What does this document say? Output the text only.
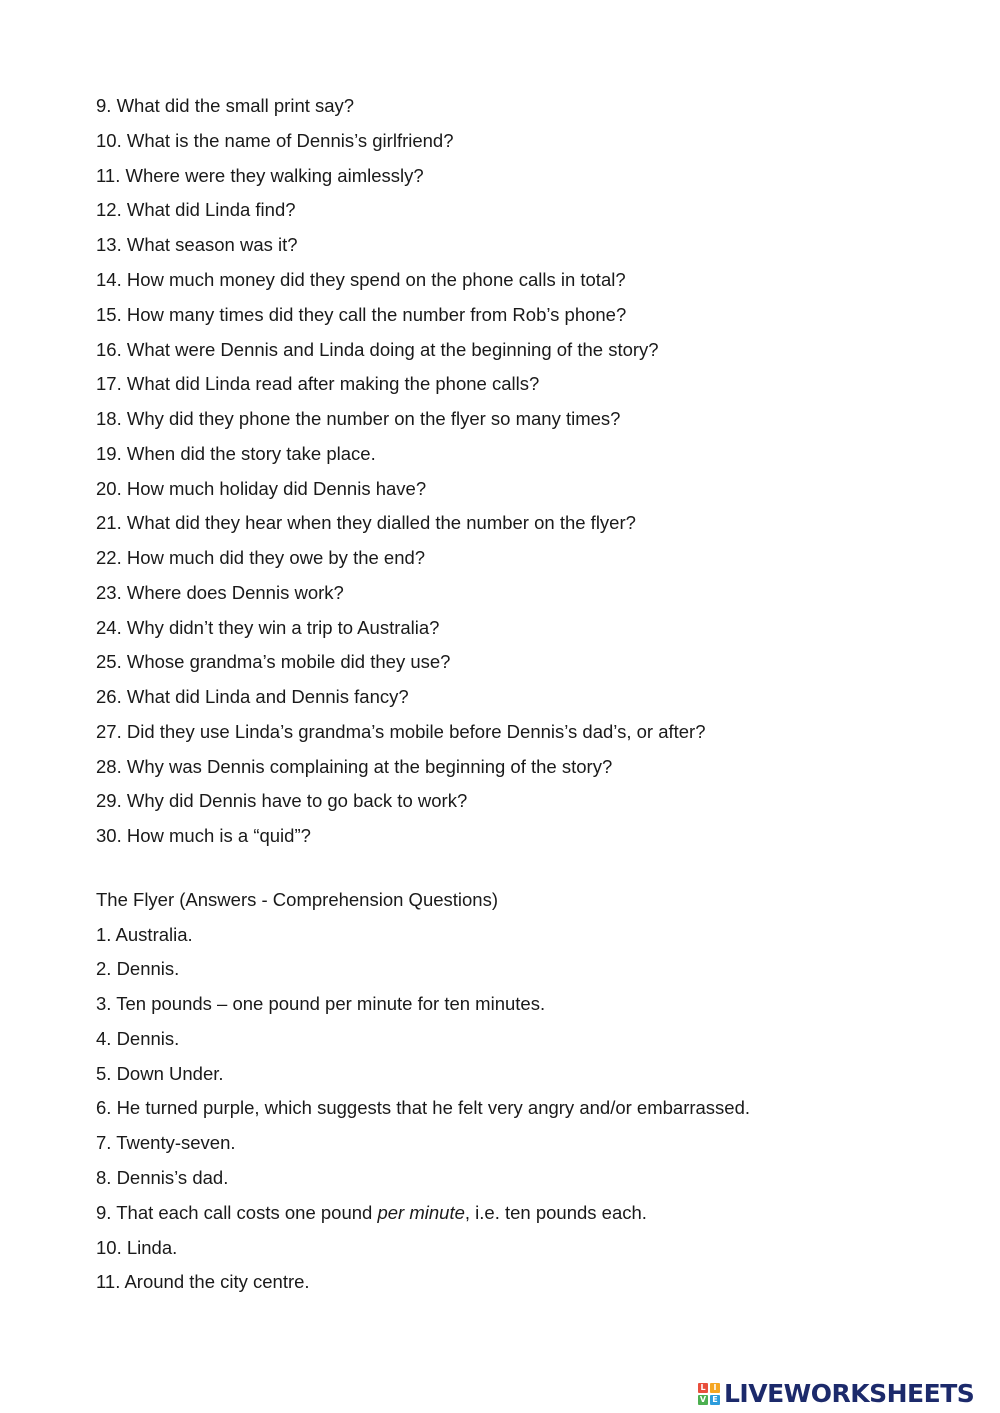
9. What did the small print say?

10. What is the name of Dennis’s girlfriend?

11. Where were they walking aimlessly?

12. What did Linda find?

13. What season was it?

14. How much money did they spend on the phone calls in total?

15. How many times did they call the number from Rob’s phone?

16. What were Dennis and Linda doing at the beginning of the story?

17. What did Linda read after making the phone calls?

18. Why did they phone the number on the flyer so many times?

19. When did the story take place.

20. How much holiday did Dennis have?

21. What did they hear when they dialled the number on the flyer?

22. How much did they owe by the end?

23. Where does Dennis work?

24. Why didn’t they win a trip to Australia?

25. Whose grandma’s mobile did they use?

26. What did Linda and Dennis fancy?

27. Did they use Linda’s grandma’s mobile before Dennis’s dad’s, or after?

28. Why was Dennis complaining at the beginning of the story?

29. Why did Dennis have to go back to work?

30. How much is a “quid”?

The Flyer (Answers - Comprehension Questions)

1. Australia.

2. Dennis.

3. Ten pounds – one pound per minute for ten minutes.

4. Dennis.

5. Down Under.

6. He turned purple, which suggests that he felt very angry and/or embarrassed.

7. Twenty-seven.

8. Dennis’s dad.

9. That each call costs one pound per minute, i.e. ten pounds each.

10. Linda.

11. Around the city centre.

L I
V E LIVEWORKSHEETS
